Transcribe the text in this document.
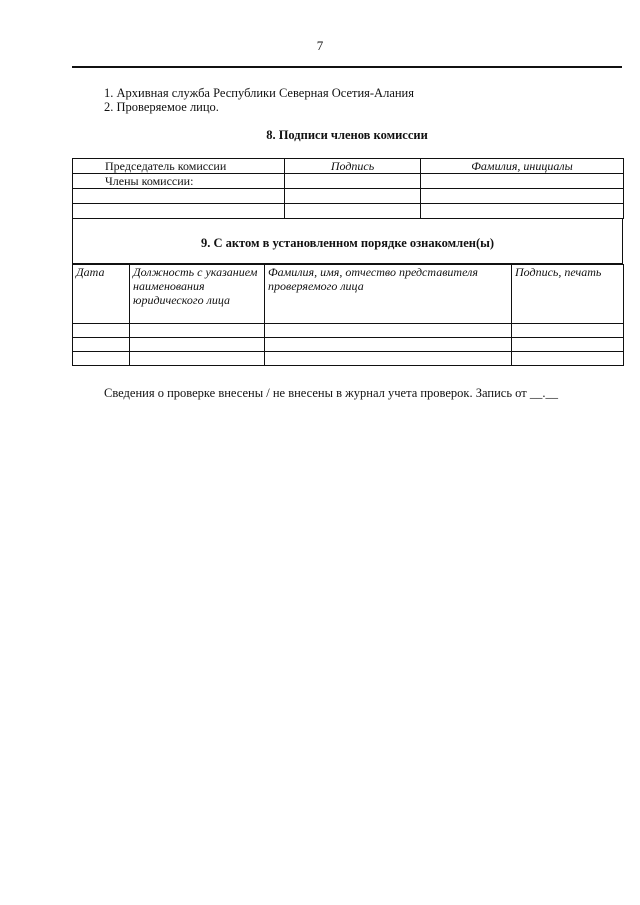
7
1. Архивная служба Республики Северная Осетия-Алания
2. Проверяемое лицо.
8. Подписи членов комиссии
Председатель комиссии	Подпись	Фамилия, инициалы
Члены комиссии:		

9. С актом в установленном порядке ознакомлен(ы)
Дата	Должность с указанием наименования юридического лица	Фамилия, имя, отчество представителя проверяемого лица	Подпись, печать

Сведения о проверке внесены / не внесены в журнал учета проверок. Запись от __.__
